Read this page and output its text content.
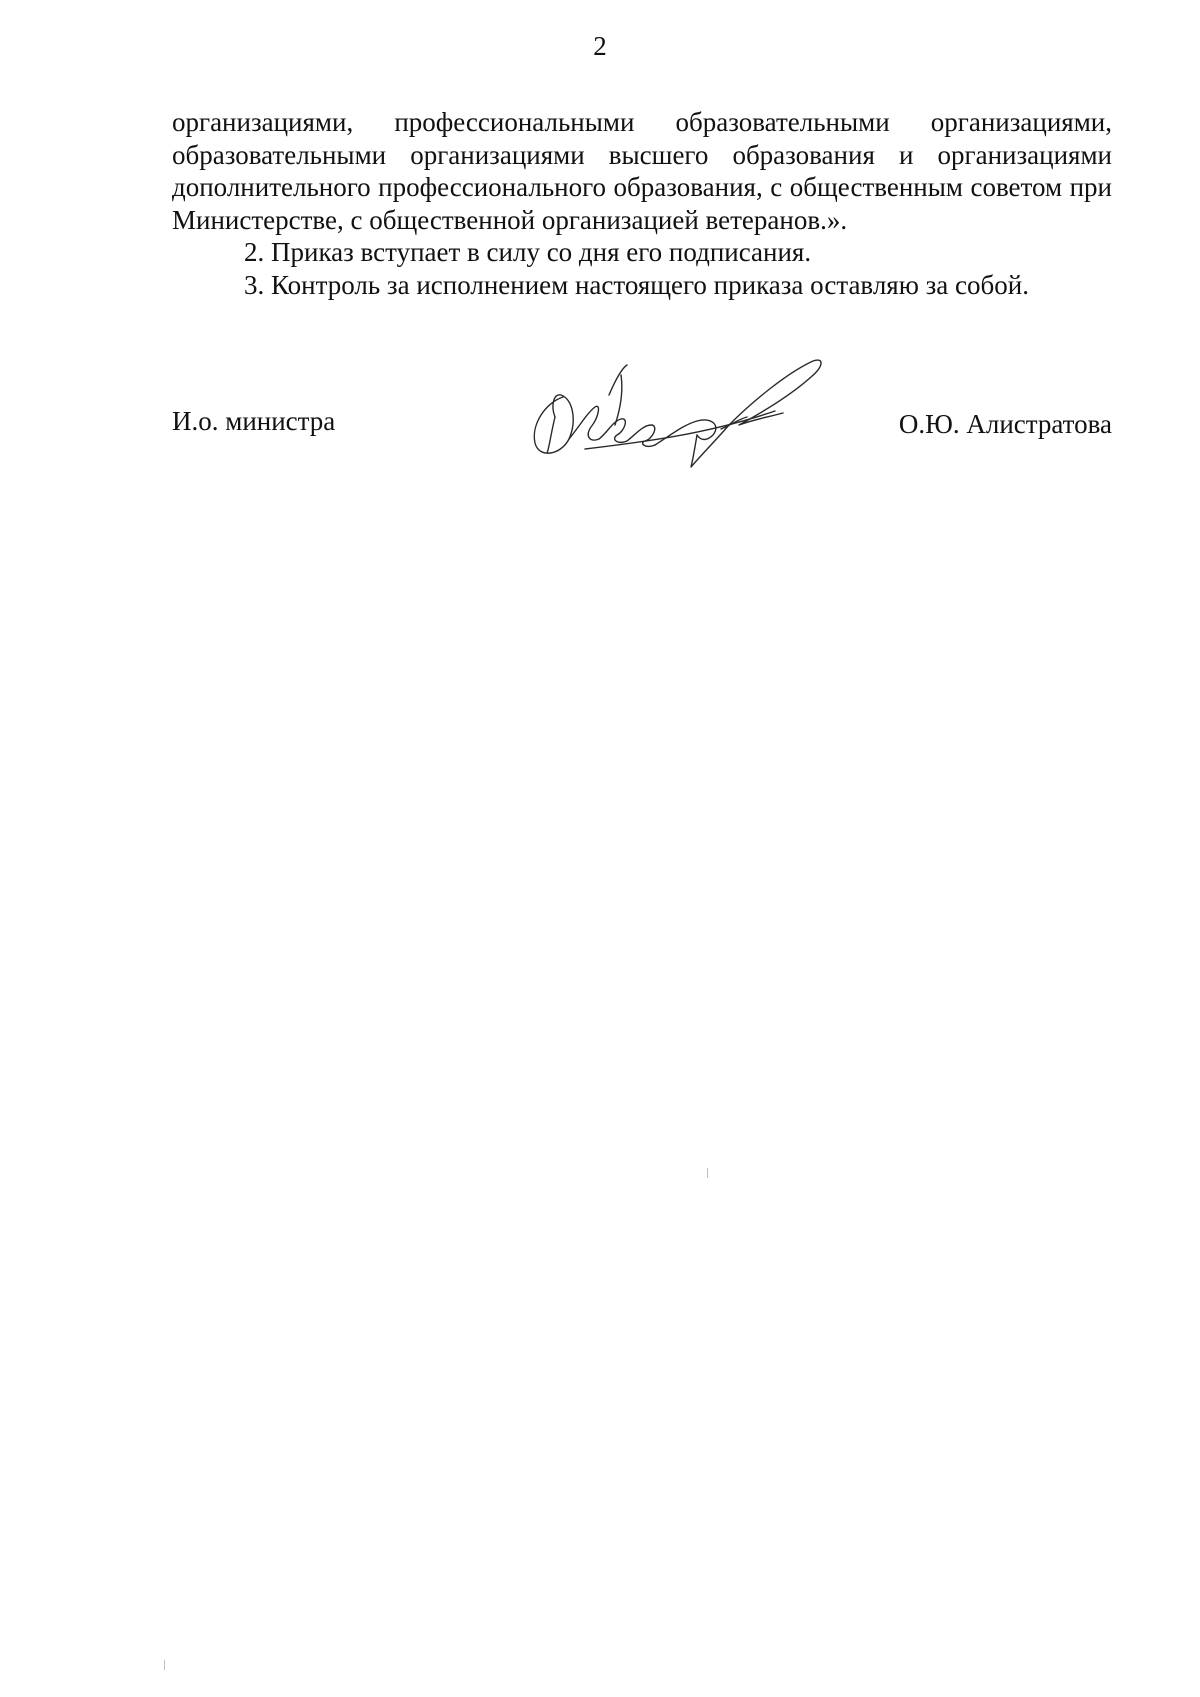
2

организациями, профессиональными образовательными организациями, образовательными организациями высшего образования и организациями дополнительного профессионального образования, с общественным советом при Министерстве, с общественной организацией ветеранов.».

2. Приказ вступает в силу со дня его подписания.

3. Контроль за исполнением настоящего приказа оставляю за собой.

И.о. министра	О.Ю. Алистратова
